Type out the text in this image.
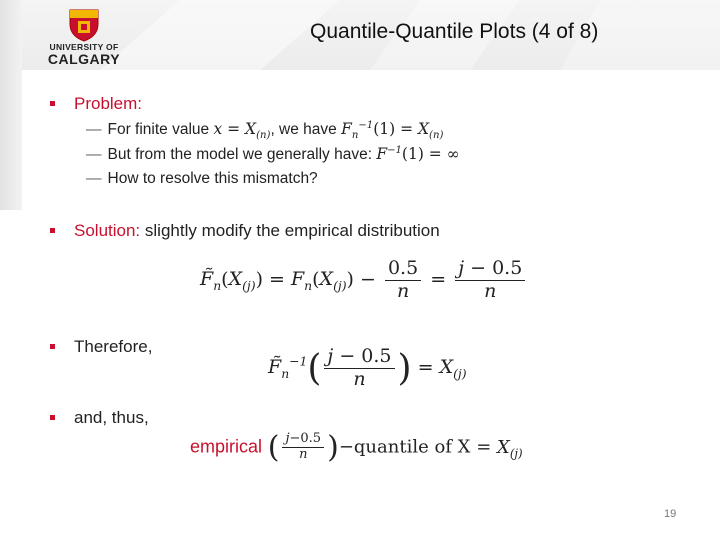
UNIVERSITY OF
CALGARY
Quantile-Quantile Plots (4 of 8)
Problem:
— For finite value $x = X_{(n)}$, we have $F_n^{-1}(1) = X_{(n)}$
— But from the model we generally have: $F^{-1}(1)$ = ∞
— How to resolve this mismatch?
Solution: slightly modify the empirical distribution
$F̃_n(X_{(j)}) = F_n(X_{(j)}) - \frac{0.5}{n} = \frac{j - 0.5}{n}$
Therefore,
$F̃_n^{-1}( \frac{j - 0.5}{n}$ ) = $X_{(j)}$
and, thus,
empirical ( $\frac{j-0.5}{n}$ )−quantile of $X = X_{(j)}$
19
